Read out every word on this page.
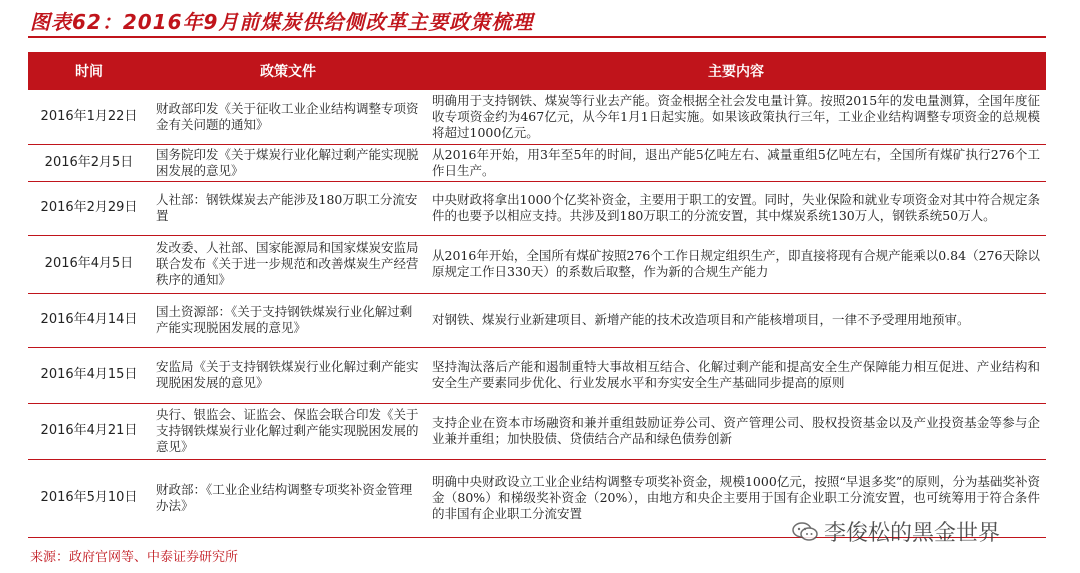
图表62：2016年9月前煤炭供给侧改革主要政策梳理
时间	政策文件	主要内容
2016年1月22日	财政部印发《关于征收工业企业结构调整专项资金有关问题的通知》	明确用于支持钢铁、煤炭等行业去产能。资金根据全社会发电量计算。按照2015年的发电量测算，全国年度征收专项资金约为467亿元，从今年1月1日起实施。如果该政策执行三年，工业企业结构调整专项资金的总规模将超过1000亿元。
2016年2月5日	国务院印发《关于煤炭行业化解过剩产能实现脱困发展的意见》	从2016年开始，用3年至5年的时间，退出产能5亿吨左右、减量重组5亿吨左右，全国所有煤矿执行276个工作日生产。
2016年2月29日	人社部：钢铁煤炭去产能涉及180万职工分流安置	中央财政将拿出1000个亿奖补资金，主要用于职工的安置。同时，失业保险和就业专项资金对其中符合规定条件的也要予以相应支持。共涉及到180万职工的分流安置，其中煤炭系统130万人，钢铁系统50万人。
2016年4月5日	发改委、人社部、国家能源局和国家煤炭安监局联合发布《关于进一步规范和改善煤炭生产经营秩序的通知》	从2016年开始，全国所有煤矿按照276个工作日规定组织生产，即直接将现有合规产能乘以0.84（276天除以原规定工作日330天）的系数后取整，作为新的合规生产能力
2016年4月14日	国土资源部：《关于支持钢铁煤炭行业化解过剩产能实现脱困发展的意见》	对钢铁、煤炭行业新建项目、新增产能的技术改造项目和产能核增项目，一律不予受理用地预审。
2016年4月15日	安监局《关于支持钢铁煤炭行业化解过剩产能实现脱困发展的意见》	坚持淘汰落后产能和遏制重特大事故相互结合、化解过剩产能和提高安全生产保障能力相互促进、产业结构和安全生产要素同步优化、行业发展水平和夯实安全生产基础同步提高的原则
2016年4月21日	央行、银监会、证监会、保监会联合印发《关于支持钢铁煤炭行业化解过剩产能实现脱困发展的意见》	支持企业在资本市场融资和兼并重组鼓励证券公司、资产管理公司、股权投资基金以及产业投资基金等参与企业兼并重组；加快股债、贷债结合产品和绿色债券创新
2016年5月10日	财政部：《工业企业结构调整专项奖补资金管理办法》	明确中央财政设立工业企业结构调整专项奖补资金，规模1000亿元，按照“早退多奖”的原则，分为基础奖补资金（80%）和梯级奖补资金（20%），由地方和央企主要用于国有企业职工分流安置，也可统筹用于符合条件的非国有企业职工分流安置
来源：政府官网等、中泰证券研究所
李俊松的黑金世界
